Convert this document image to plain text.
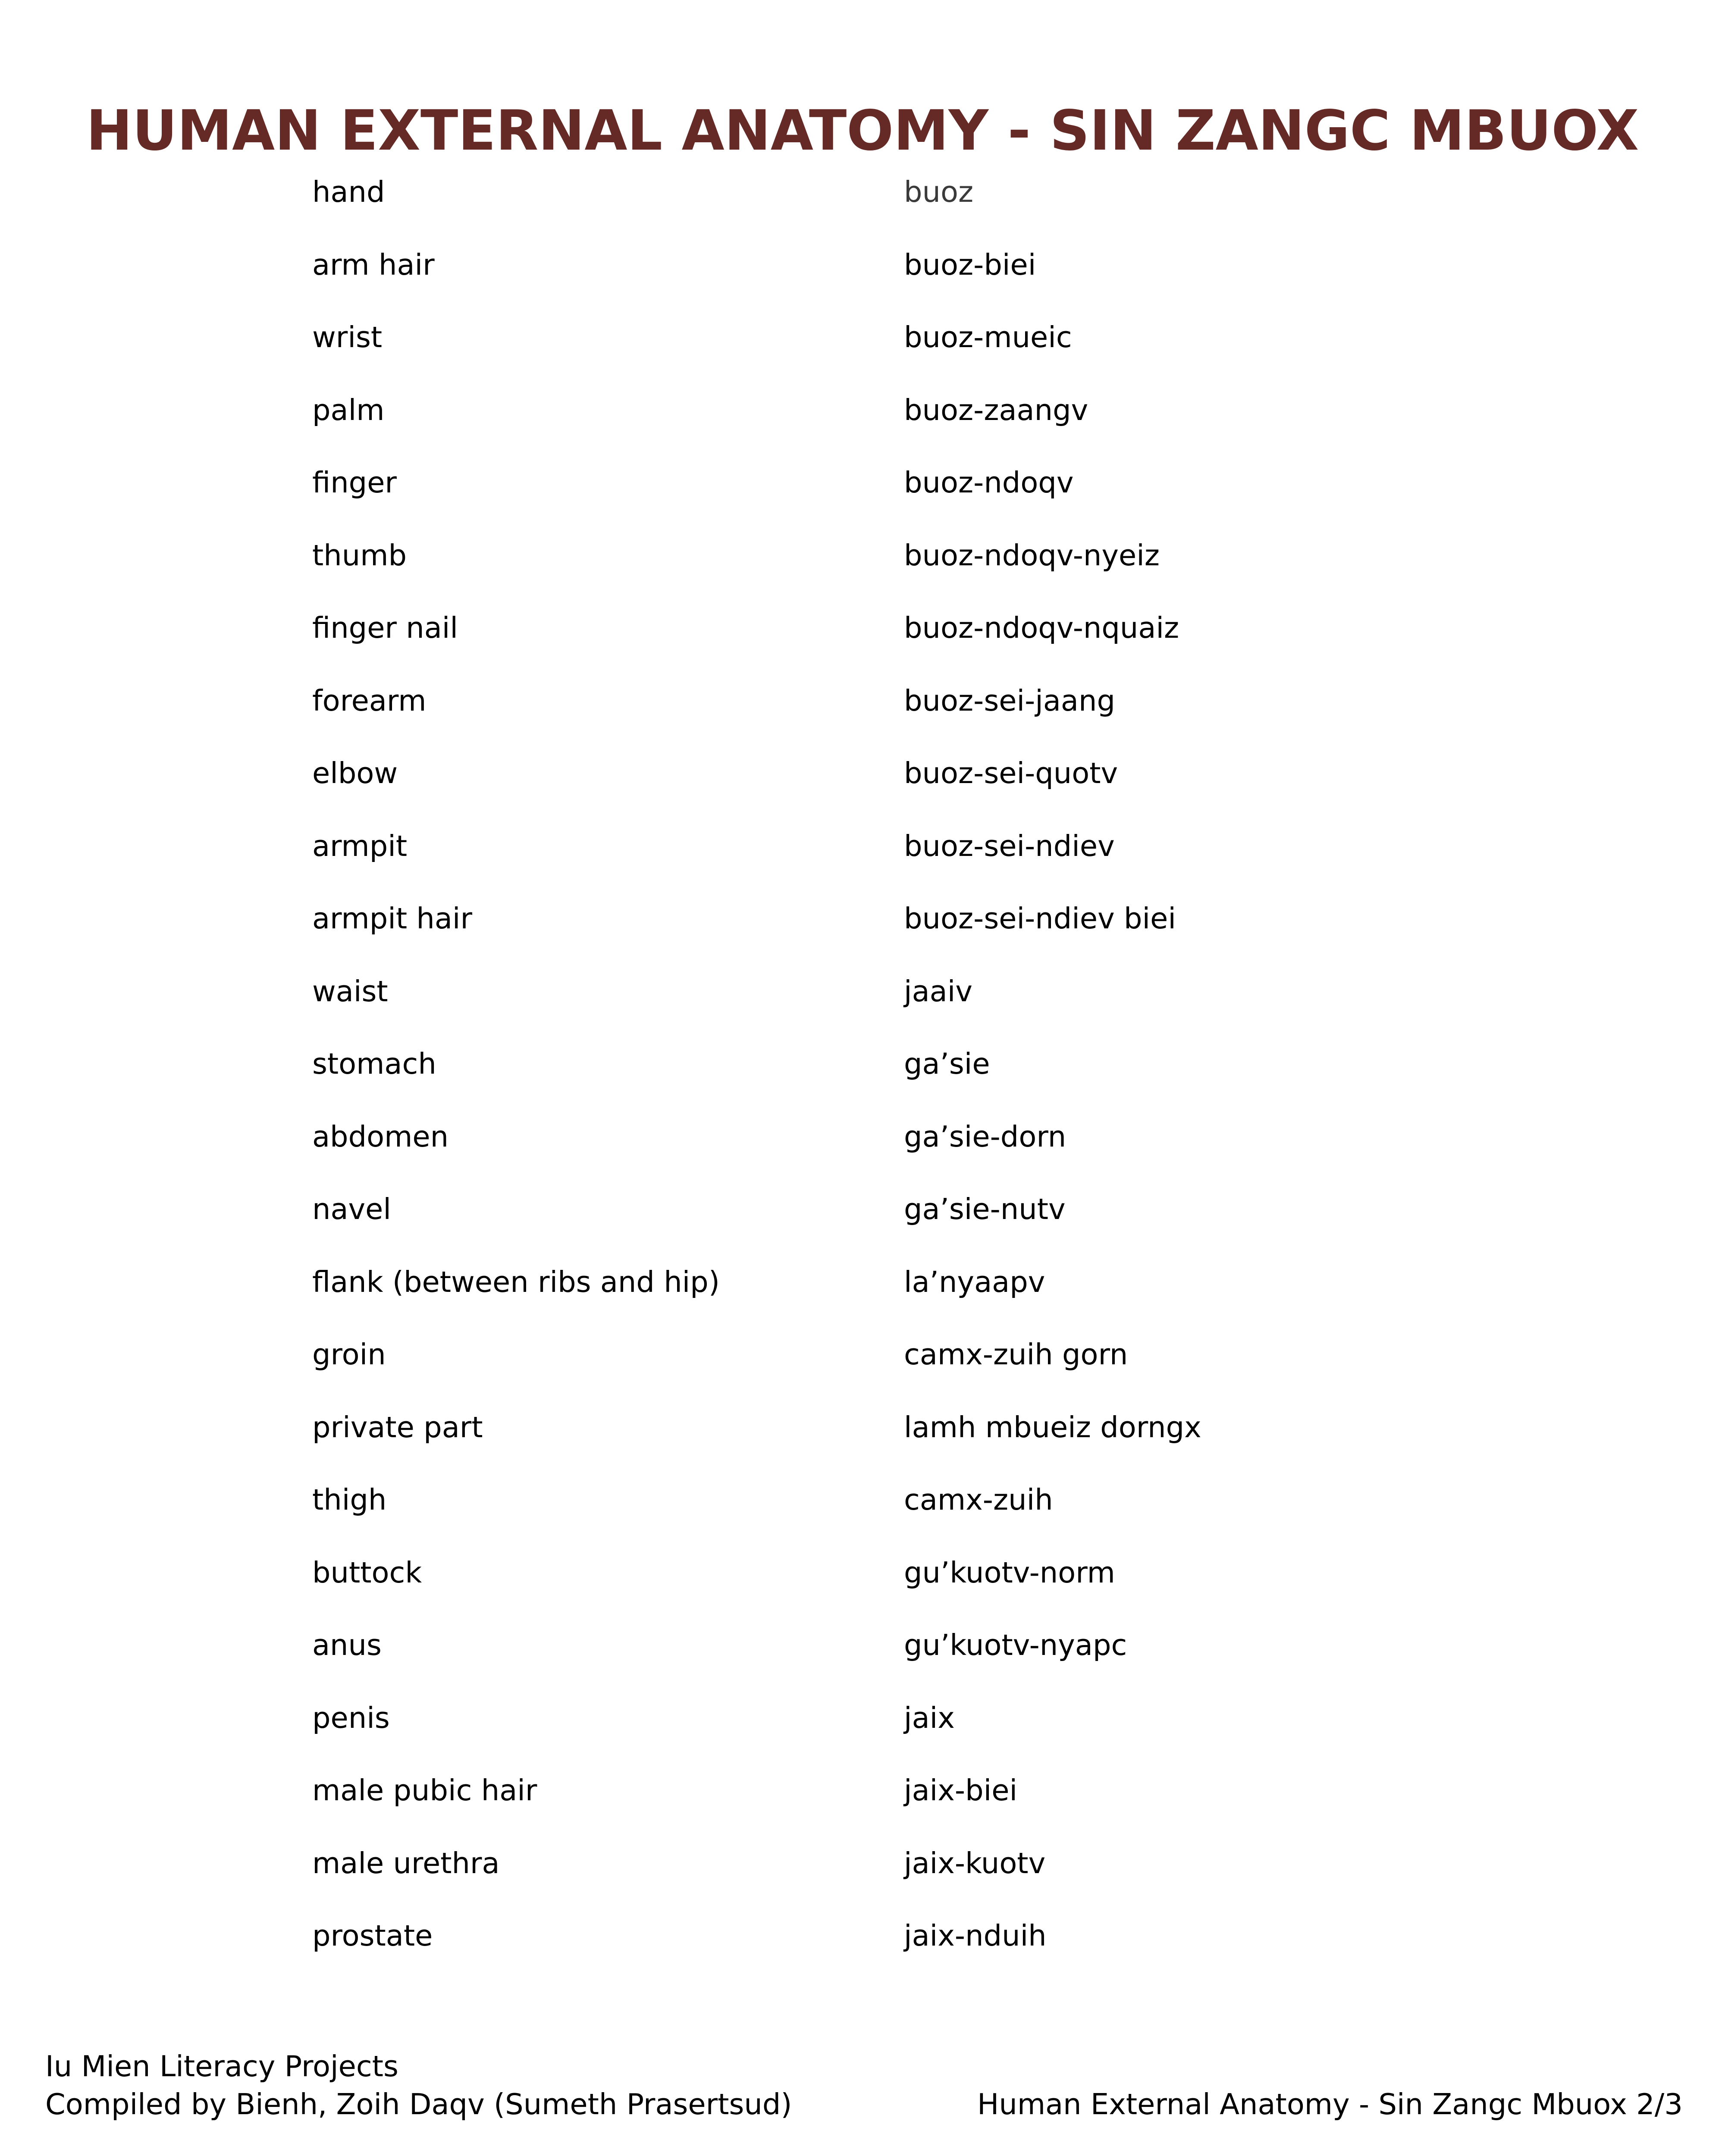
HUMAN EXTERNAL ANATOMY - SIN ZANGC MBUOX
hand	buoz
arm hair	buoz-biei
wrist	buoz-mueic
palm	buoz-zaangv
finger	buoz-ndoqv
thumb	buoz-ndoqv-nyeiz
finger nail	buoz-ndoqv-nquaiz
forearm	buoz-sei-jaang
elbow	buoz-sei-quotv
armpit	buoz-sei-ndiev
armpit hair	buoz-sei-ndiev biei
waist	jaaiv
stomach	ga’sie
abdomen	ga’sie-dorn
navel	ga’sie-nutv
flank (between ribs and hip)	la’nyaapv
groin	camx-zuih gorn
private part	lamh mbueiz dorngx
thigh	camx-zuih
buttock	gu’kuotv-norm
anus	gu’kuotv-nyapc
penis	jaix
male pubic hair	jaix-biei
male urethra	jaix-kuotv
prostate	jaix-nduih
Iu Mien Literacy Projects
Compiled by Bienh, Zoih Daqv (Sumeth Prasertsud)	Human External Anatomy - Sin Zangc Mbuox 2/3
